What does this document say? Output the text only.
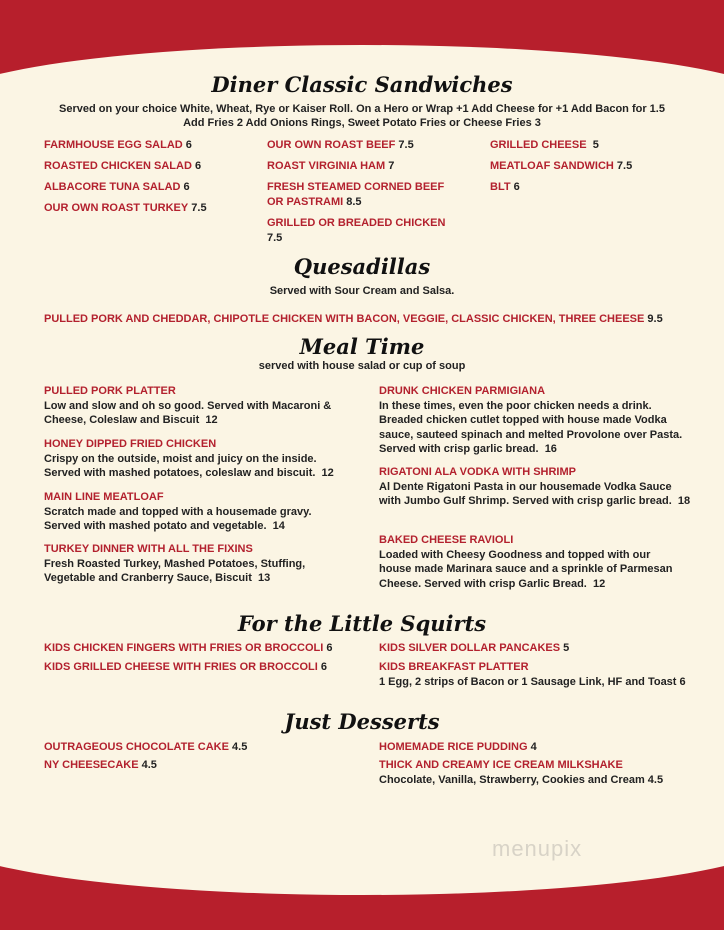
Diner Classic Sandwiches
Served on your choice White, Wheat, Rye or Kaiser Roll. On a Hero or Wrap +1 Add Cheese for +1 Add Bacon for 1.5
Add Fries 2 Add Onions Rings, Sweet Potato Fries or Cheese Fries 3
FARMHOUSE EGG SALAD 6
ROASTED CHICKEN SALAD 6
ALBACORE TUNA SALAD 6
OUR OWN ROAST TURKEY 7.5
OUR OWN ROAST BEEF 7.5
ROAST VIRGINIA HAM 7
FRESH STEAMED CORNED BEEF
OR PASTRAMI 8.5
GRILLED OR BREADED CHICKEN
7.5
GRILLED CHEESE 5
MEATLOAF SANDWICH 7.5
BLT 6
Quesadillas
Served with Sour Cream and Salsa.
PULLED PORK AND CHEDDAR, CHIPOTLE CHICKEN WITH BACON, VEGGIE, CLASSIC CHICKEN, THREE CHEESE 9.5
Meal Time
served with house salad or cup of soup
PULLED PORK PLATTER
Low and slow and oh so good. Served with Macaroni & Cheese, Coleslaw and Biscuit 12
HONEY DIPPED FRIED CHICKEN
Crispy on the outside, moist and juicy on the inside. Served with mashed potatoes, coleslaw and biscuit. 12
MAIN LINE MEATLOAF
Scratch made and topped with a housemade gravy. Served with mashed potato and vegetable. 14
TURKEY DINNER WITH ALL THE FIXINS
Fresh Roasted Turkey, Mashed Potatoes, Stuffing, Vegetable and Cranberry Sauce, Biscuit 13
DRUNK CHICKEN PARMIGIANA
In these times, even the poor chicken needs a drink. Breaded chicken cutlet topped with house made Vodka sauce, sauteed spinach and melted Provolone over Pasta. Served with crisp garlic bread. 16
RIGATONI ALA VODKA WITH SHRIMP
Al Dente Rigatoni Pasta in our housemade Vodka Sauce with Jumbo Gulf Shrimp. Served with crisp garlic bread. 18
BAKED CHEESE RAVIOLI
Loaded with Cheesy Goodness and topped with our house made Marinara sauce and a sprinkle of Parmesan Cheese. Served with crisp Garlic Bread. 12
For the Little Squirts
KIDS CHICKEN FINGERS WITH FRIES OR BROCCOLI 6
KIDS GRILLED CHEESE WITH FRIES OR BROCCOLI 6
KIDS SILVER DOLLAR PANCAKES 5
KIDS BREAKFAST PLATTER
1 Egg, 2 strips of Bacon or 1 Sausage Link, HF and Toast 6
Just Desserts
OUTRAGEOUS CHOCOLATE CAKE 4.5
NY CHEESECAKE 4.5
HOMEMADE RICE PUDDING 4
THICK AND CREAMY ICE CREAM MILKSHAKE
Chocolate, Vanilla, Strawberry, Cookies and Cream 4.5
menupix
